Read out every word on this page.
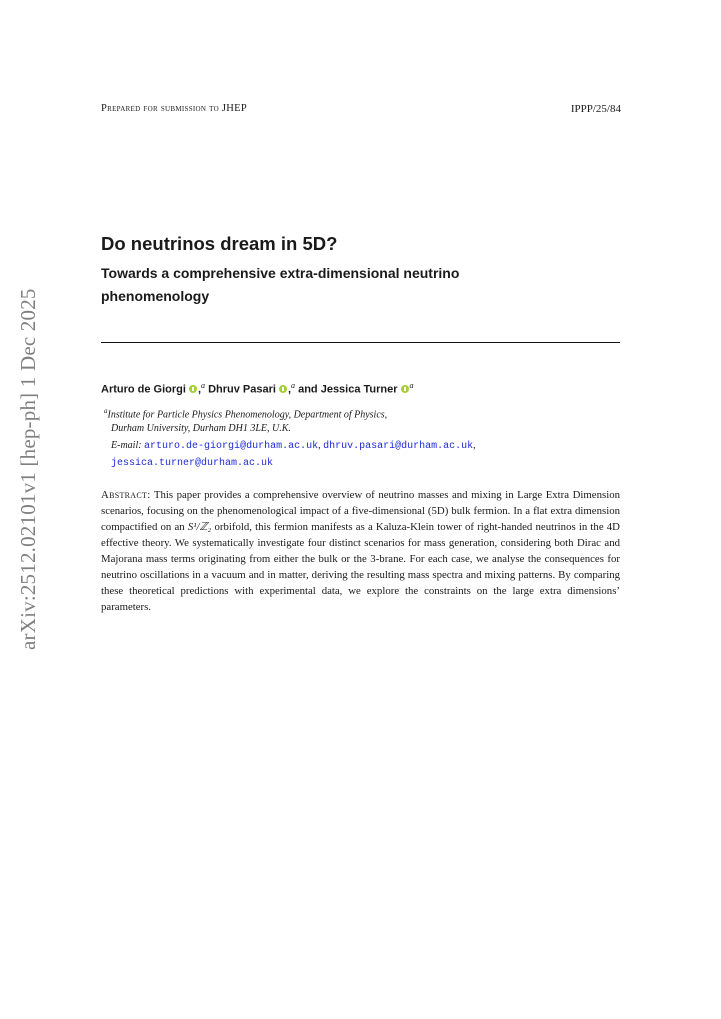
Prepared for submission to JHEP	IPPP/25/84
arXiv:2512.02101v1 [hep-ph] 1 Dec 2025
Do neutrinos dream in 5D?
Towards a comprehensive extra-dimensional neutrino phenomenology
Arturo de Giorgi ,$^a$ Dhruv Pasari ,$^a$ and Jessica Turner $^a$
$^a$Institute for Particle Physics Phenomenology, Department of Physics,
Durham University, Durham DH1 3LE, U.K.
E-mail: arturo.de-giorgi@durham.ac.uk, dhruv.pasari@durham.ac.uk,
jessica.turner@durham.ac.uk
Abstract: This paper provides a comprehensive overview of neutrino masses and mixing in Large Extra Dimension scenarios, focusing on the phenomenological impact of a five-dimensional (5D) bulk fermion. In a flat extra dimension compactified on an S¹/ℤ₂ orbifold, this fermion manifests as a Kaluza-Klein tower of right-handed neutrinos in the 4D effective theory. We systematically investigate four distinct scenarios for mass generation, considering both Dirac and Majorana mass terms originating from either the bulk or the 3-brane. For each case, we analyse the consequences for neutrino oscillations in a vacuum and in matter, deriving the resulting mass spectra and mixing patterns. By comparing these theoretical predictions with experimental data, we explore the constraints on the large extra dimensions’ parameters.
